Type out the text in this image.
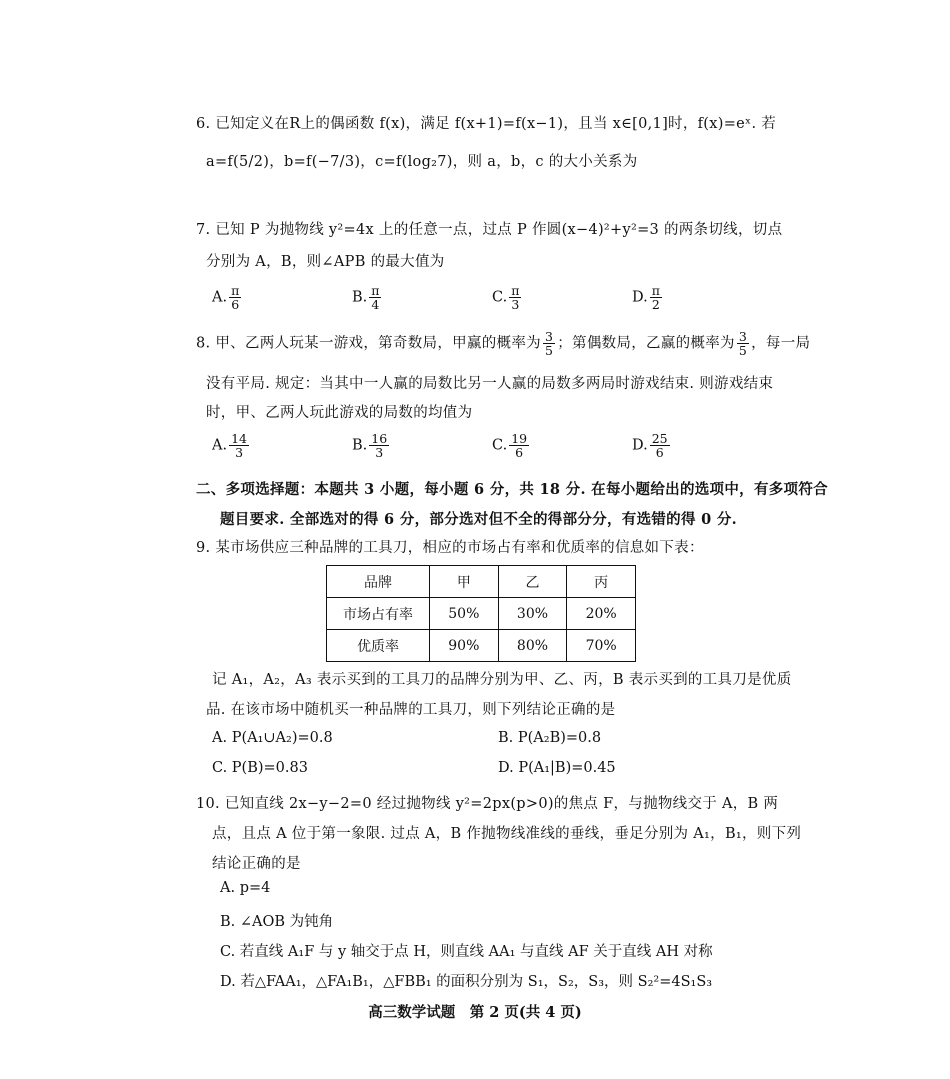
6. 已知定义在R上的偶函数 f(x)，满足 f(x+1)=f(x−1)，且当 x∈[0,1]时，f(x)=eˣ. 若
a=f(5/2)，b=f(−7/3)，c=f(log₂7)，则 a，b，c 的大小关系为
7. 已知 P 为抛物线 y²=4x 上的任意一点，过点 P 作圆(x−4)²+y²=3 的两条切线，切点
分别为 A，B，则∠APB 的最大值为
A. $\frac{\pi}{6}$	B. $\frac{\pi}{4}$	C. $\frac{\pi}{3}$	D. $\frac{\pi}{2}$
8. 甲、乙两人玩某一游戏，第奇数局，甲赢的概率为 $\frac{3}{5}$ ；第偶数局，乙赢的概率为 $\frac{3}{5}$ ，每一局
没有平局. 规定：当其中一人赢的局数比另一人赢的局数多两局时游戏结束. 则游戏结束
时，甲、乙两人玩此游戏的局数的均值为
A. $\frac{14}{3}$	B. $\frac{16}{3}$	C. $\frac{19}{6}$	D. $\frac{25}{6}$
二、多项选择题：本题共 3 小题，每小题 6 分，共 18 分. 在每小题给出的选项中，有多项符合
题目要求. 全部选对的得 6 分，部分选对但不全的得部分分，有选错的得 0 分.
9. 某市场供应三种品牌的工具刀，相应的市场占有率和优质率的信息如下表：
品牌	甲	乙	丙
市场占有率	50%	30%	20%
优质率	90%	80%	70%
记 A₁，A₂，A₃ 表示买到的工具刀的品牌分别为甲、乙、丙，B 表示买到的工具刀是优质
品. 在该市场中随机买一种品牌的工具刀，则下列结论正确的是
A. P(A₁∪A₂)=0.8	B. P(A₂B)=0.8
C. P(B)=0.83	D. P(A₁|B)=0.45
10. 已知直线 2x−y−2=0 经过抛物线 y²=2px(p>0)的焦点 F，与抛物线交于 A，B 两
点，且点 A 位于第一象限. 过点 A，B 作抛物线准线的垂线，垂足分别为 A₁，B₁，则下列
结论正确的是
A. p=4
B. ∠AOB 为钝角
C. 若直线 A₁F 与 y 轴交于点 H，则直线 AA₁ 与直线 AF 关于直线 AH 对称
D. 若△FAA₁，△FA₁B₁，△FBB₁ 的面积分别为 S₁，S₂，S₃，则 S₂²=4S₁S₃
高三数学试题　第 2 页(共 4 页)
